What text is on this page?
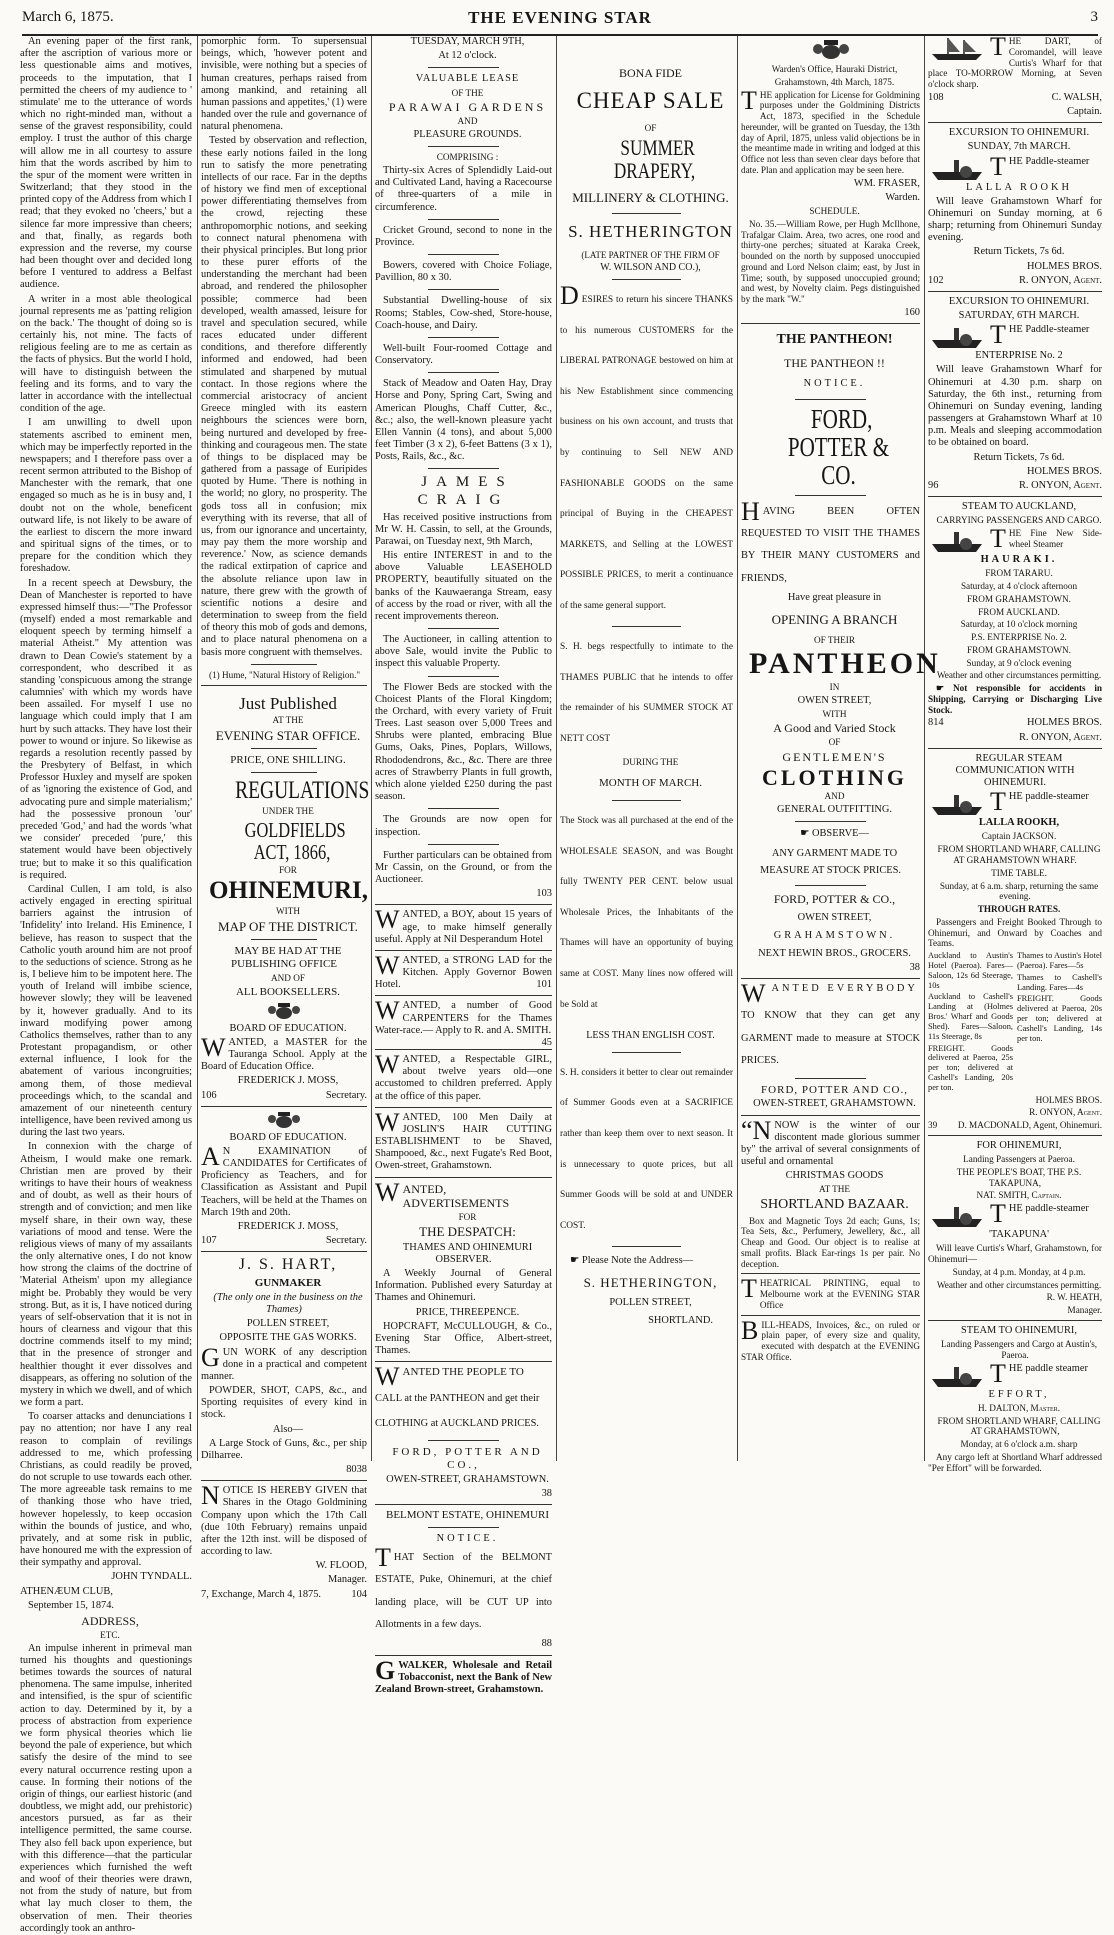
March 6, 1875.	THE EVENING STAR	3

An evening paper of the first rank, after the ascription of various more or less questionable aims and motives, proceeds to the imputation, that I permitted the cheers of my audience to ' stimulate' me to the utterance of words which no right-minded man, without a sense of the gravest responsibility, could employ. I trust the author of this charge will allow me in all courtesy to assure him that the words ascribed by him to the spur of the moment were written in Switzerland; that they stood in the printed copy of the Address from which I read; that they evoked no 'cheers,' but a silence far more impressive than cheers; and that, finally, as regards both expression and the reverse, my course had been thought over and decided long before I ventured to address a Belfast audience.

A writer in a most able theological journal represents me as 'patting religion on the back.' The thought of doing so is certainly his, not mine. The facts of religious feeling are to me as certain as the facts of physics. But the world I hold, will have to distinguish between the feeling and its forms, and to vary the latter in accordance with the intellectual condition of the age.

I am unwilling to dwell upon statements ascribed to eminent men, which may be imperfectly reported in the newspapers; and I therefore pass over a recent sermon attributed to the Bishop of Manchester with the remark, that one engaged so much as he is in busy and, I doubt not on the whole, beneficent outward life, is not likely to be aware of the earliest to discern the more inward and spiritual signs of the times, or to prepare for the condition which they foreshadow.

In a recent speech at Dewsbury, the Dean of Manchester is reported to have expressed himself thus:—"The Professor (myself) ended a most remarkable and eloquent speech by terming himself a material Atheist." My attention was drawn to Dean Cowie's statement by a correspondent, who described it as standing 'conspicuous among the strange calumnies' with which my words have been assailed. For myself I use no language which could imply that I am hurt by such attacks. They have lost their power to wound or injure. So likewise as regards a resolution recently passed by the Presbytery of Belfast, in which Professor Huxley and myself are spoken of as 'ignoring the existence of God, and advocating pure and simple materialism;' had the possessive pronoun 'our' preceded 'God,' and had the words 'what we consider' preceded 'pure,' this statement would have been objectively true; but to make it so this qualification is required.

Cardinal Cullen, I am told, is also actively engaged in erecting spiritual barriers against the intrusion of 'Infidelity' into Ireland. His Eminence, I believe, has reason to suspect that the Catholic youth around him are not proof to the seductions of science. Strong as he is, I believe him to be impotent here. The youth of Ireland will imbibe science, however slowly; they will be leavened by it, however gradually. And to its inward modifying power among Catholics themselves, rather than to any Protestant propagandism, or other external influence, I look for the abatement of various incongruities; among them, of those medieval proceedings which, to the scandal and amazement of our nineteenth century intelligence, have been revived among us during the last two years.

In connexion with the charge of Atheism, I would make one remark. Christian men are proved by their writings to have their hours of weakness and of doubt, as well as their hours of strength and of conviction; and men like myself share, in their own way, these variations of mood and tense. Were the religious views of many of my assailants the only alternative ones, I do not know how strong the claims of the doctrine of 'Material Atheism' upon my allegiance might be. Probably they would be very strong. But, as it is, I have noticed during years of self-observation that it is not in hours of clearness and vigour that this doctrine commends itself to my mind; that in the presence of stronger and healthier thought it ever dissolves and disappears, as offering no solution of the mystery in which we dwell, and of which we form a part.

To coarser attacks and denunciations I pay no attention; nor have I any real reason to complain of revilings addressed to me, which professing Christians, as could readily be proved, do not scruple to use towards each other. The more agreeable task remains to me of thanking those who have tried, however hopelessly, to keep occasion within the bounds of justice, and who, privately, and at some risk in public, have honoured me with the expression of their sympathy and approval.

JOHN TYNDALL.

ATHENÆUM CLUB,

September 15, 1874.

ADDRESS,

ETC.

An impulse inherent in primeval man turned his thoughts and questionings betimes towards the sources of natural phenomena. The same impulse, inherited and intensified, is the spur of scientific action to day. Determined by it, by a process of abstraction from experience we form physical theories which lie beyond the pale of experience, but which satisfy the desire of the mind to see every natural occurrence resting upon a cause. In forming their notions of the origin of things, our earliest historic (and doubtless, we might add, our prehistoric) ancestors pursued, as far as their intelligence permitted, the same course. They also fell back upon experience, but with this difference—that the particular experiences which furnished the weft and woof of their theories were drawn, not from the study of nature, but from what lay much closer to them, the observation of men. Their theories accordingly took an anthro-

pomorphic form. To supersensual beings, which, 'however potent and invisible, were nothing but a species of human creatures, perhaps raised from among mankind, and retaining all human passions and appetites,' (1) were handed over the rule and governance of natural phenomena.

Tested by observation and reflection, these early notions failed in the long run to satisfy the more penetrating intellects of our race. Far in the depths of history we find men of exceptional power differentiating themselves from the crowd, rejecting these anthropomorphic notions, and seeking to connect natural phenomena with their physical principles. But long prior to these purer efforts of the understanding the merchant had been abroad, and rendered the philosopher possible; commerce had been developed, wealth amassed, leisure for travel and speculation secured, while races educated under different conditions, and therefore differently informed and endowed, had been stimulated and sharpened by mutual contact. In those regions where the commercial aristocracy of ancient Greece mingled with its eastern neighbours the sciences were born, being nurtured and developed by free-thinking and courageous men. The state of things to be displaced may be gathered from a passage of Euripides quoted by Hume. 'There is nothing in the world; no glory, no prosperity. The gods toss all in confusion; mix everything with its reverse, that all of us, from our ignorance and uncertainty, may pay them the more worship and reverence.' Now, as science demands the radical extirpation of caprice and the absolute reliance upon law in nature, there grew with the growth of scientific notions a desire and determination to sweep from the field of theory this mob of gods and demons, and to place natural phenomena on a basis more congruent with themselves.

(1) Hume, "Natural History of Religion."

Just Published

AT THE

EVENING STAR OFFICE.

PRICE, ONE SHILLING.

REGULATIONS

UNDER THE

GOLDFIELDS ACT, 1866,

FOR

OHINEMURI,

WITH

MAP OF THE DISTRICT.

MAY BE HAD AT THE PUBLISHING OFFICE

AND OF

ALL BOOKSELLERS.

BOARD OF EDUCATION.

WANTED, a MASTER for the Tauranga School. Apply at the Board of Education Office.

FREDERICK J. MOSS,

106	Secretary.

BOARD OF EDUCATION.

A N EXAMINATION of CANDIDATES for Certificates of Proficiency as Teachers, and for Classification as Assistant and Pupil Teachers, will be held at the Thames on March 19th and 20th.

FREDERICK J. MOSS,

107	Secretary.

J. S. HART,

GUNMAKER

(The only one in the business on the Thames)

POLLEN STREET,

OPPOSITE THE GAS WORKS.

GUN WORK of any description done in a practical and competent manner.

POWDER, SHOT, CAPS, &c., and Sporting requisites of every kind in stock.

Also—

A Large Stock of Guns, &c., per ship Dilharree.

8038

NOTICE IS HEREBY GIVEN that Shares in the Otago Goldmining Company upon which the 17th Call (due 10th February) remains unpaid after the 12th inst. will be disposed of according to law.

W. FLOOD,

Manager.

7, Exchange, March 4, 1875.	104

TUESDAY, MARCH 9TH,

At 12 o'clock.

VALUABLE LEASE

OF THE

PARAWAI GARDENS

AND

PLEASURE GROUNDS.

COMPRISING :

Thirty-six Acres of Splendidly Laid-out and Cultivated Land, having a Racecourse of three-quarters of a mile in circumference.

Cricket Ground, second to none in the Province.

Bowers, covered with Choice Foliage, Pavillion, 80 x 30.

Substantial Dwelling-house of six Rooms; Stables, Cow-shed, Store-house, Coach-house, and Dairy.

Well-built Four-roomed Cottage and Conservatory.

Stack of Meadow and Oaten Hay, Dray Horse and Pony, Spring Cart, Swing and American Ploughs, Chaff Cutter, &c., &c.; also, the well-known pleasure yacht Ellen Vannin (4 tons), and about 5,000 feet Timber (3 x 2), 6-feet Battens (3 x 1), Posts, Rails, &c., &c.

JAMES CRAIG

Has received positive instructions from Mr W. H. Cassin, to sell, at the Grounds, Parawai, on Tuesday next, 9th March,

His entire INTEREST in and to the above Valuable LEASEHOLD PROPERTY, beautifully situated on the banks of the Kauwaeranga Stream, easy of access by the road or river, with all the recent improvements thereon.

The Auctioneer, in calling attention to above Sale, would invite the Public to inspect this valuable Property.

The Flower Beds are stocked with the Choicest Plants of the Floral Kingdom; the Orchard, with every variety of Fruit Trees. Last season over 5,000 Trees and Shrubs were planted, embracing Blue Gums, Oaks, Pines, Poplars, Willows, Rhododendrons, &c., &c. There are three acres of Strawberry Plants in full growth, which alone yielded £250 during the past season.

The Grounds are now open for inspection.

Further particulars can be obtained from Mr Cassin, on the Ground, or from the Auctioneer.

103

WANTED, a BOY, about 15 years of age, to make himself generally useful. Apply at Nil Desperandum Hotel

WANTED, a STRONG LAD for the Kitchen. Apply Governor Bowen Hotel.	101

WANTED, a number of Good CARPENTERS for the Thames Water-race.— Apply to R. and A. SMITH.
45

WANTED, a Respectable GIRL, about twelve years old—one accustomed to children preferred. Apply at the office of this paper.

WANTED, 100 Men Daily at JOSLIN'S HAIR CUTTING ESTABLISHMENT to be Shaved, Shampooed, &c., next Fugate's Red Boot, Owen-street, Grahamstown.

WANTED, ADVERTISEMENTS

FOR

THE DESPATCH:

THAMES AND OHINEMURI OBSERVER.

A Weekly Journal of General Information. Published every Saturday at Thames and Ohinemuri.

PRICE, THREEPENCE.

HOPCRAFT, McCULLOUGH, & Co., Evening Star Office, Albert-street, Thames.

WANTED THE PEOPLE TO

CALL at the PANTHEON and get their

CLOTHING at AUCKLAND PRICES.

FORD, POTTER AND CO.,

OWEN-STREET, GRAHAMSTOWN.

38

BELMONT ESTATE, OHINEMURI

NOTICE.

THAT Section of the BELMONT ESTATE, Puke, Ohinemuri, at the chief landing place, will be CUT UP into Allotments in a few days.

88

GWALKER, Wholesale and Retail Tobacconist, next the Bank of New Zealand Brown-street, Grahamstown.

BONA FIDE

CHEAP SALE

OF

SUMMER DRAPERY,

MILLINERY & CLOTHING.

S. HETHERINGTON

(LATE PARTNER OF THE FIRM OF

W. WILSON AND CO.),

DESIRES to return his sincere THANKS to his numerous CUSTOMERS for the LIBERAL PATRONAGE bestowed on him at his New Establishment since commencing business on his own account, and trusts that by continuing to Sell NEW AND FASHIONABLE GOODS on the same principal of Buying in the CHEAPEST MARKETS, and Selling at the LOWEST POSSIBLE PRICES, to merit a continuance of the same general support.

S. H. begs respectfully to intimate to the THAMES PUBLIC that he intends to offer the remainder of his SUMMER STOCK AT NETT COST

DURING THE

MONTH OF MARCH.

The Stock was all purchased at the end of the WHOLESALE SEASON, and was Bought fully TWENTY PER CENT. below usual Wholesale Prices, the Inhabitants of the Thames will have an opportunity of buying same at COST. Many lines now offered will be Sold at

LESS THAN ENGLISH COST.

S. H. considers it better to clear out remainder of Summer Goods even at a SACRIFICE rather than keep them over to next season. It is unnecessary to quote prices, but all Summer Goods will be sold at and UNDER COST.

☛ Please Note the Address—

S. HETHERINGTON,

POLLEN STREET,

SHORTLAND.

Warden's Office, Hauraki District,

Grahamstown, 4th March, 1875.

THE application for License for Goldmining purposes under the Goldmining Districts Act, 1873, specified in the Schedule hereunder, will be granted on Tuesday, the 13th day of April, 1875, unless valid objections be in the meantime made in writing and lodged at this Office not less than seven clear days before that date. Plan and application may be seen here.

WM. FRASER,

Warden.

SCHEDULE.

No. 35.—William Rowe, per Hugh McIlhone, Trafalgar Claim. Area, two acres, one rood and thirty-one perches; situated at Karaka Creek, bounded on the north by supposed unoccupied ground and Lord Nelson claim; east, by Just in Time; south, by supposed unoccupied ground; and west, by Novelty claim. Pegs distinguished by the mark "W."

160

THE PANTHEON!

THE PANTHEON !!

NOTICE.

FORD, POTTER & CO.

HAVING BEEN OFTEN REQUESTED TO VISIT THE THAMES BY THEIR MANY CUSTOMERS and FRIENDS,

Have great pleasure in

OPENING A BRANCH

OF THEIR

PANTHEON

IN

OWEN STREET,

WITH

A Good and Varied Stock

OF

GENTLEMEN'S

CLOTHING

AND

GENERAL OUTFITTING.

☛ OBSERVE—

ANY GARMENT MADE TO MEASURE AT STOCK PRICES.

FORD, POTTER & CO.,

OWEN STREET,

GRAHAMSTOWN.

NEXT HEWIN BROS., GROCERS.

38

WANTED EVERYBODY

TO KNOW that they can get any GARMENT made to measure at STOCK PRICES.

FORD, POTTER AND CO.,

OWEN-STREET, GRAHAMSTOWN.

“NNOW is the winter of our discontent made glorious summer by" the arrival of several consignments of useful and ornamental

CHRISTMAS GOODS

AT THE

SHORTLAND BAZAAR.

Box and Magnetic Toys 2d each; Guns, 1s; Tea Sets, &c., Perfumery, Jewellery, &c., all Cheap and Good. Our object is to realise at small profits. Black Ear-rings 1s per pair. No deception.

THEATRICAL PRINTING, equal to Melbourne work at the EVENING STAR Office

BILL-HEADS, Invoices, &c., on ruled or plain paper, of every size and quality, executed with despatch at the EVENING STAR Office.

THE DART, of Coromandel, will leave Curtis's Wharf for that place TO-MORROW Morning, at Seven o'clock sharp.

108	C. WALSH,

Captain.

EXCURSION TO OHINEMURI.

SUNDAY, 7th MARCH.

THE Paddle-steamer

LALLA ROOKH

Will leave Grahamstown Wharf for Ohinemuri on Sunday morning, at 6 sharp; returning from Ohinemuri Sunday evening.

Return Tickets, 7s 6d.

HOLMES BROS.

102	R. ONYON, Agent.

EXCURSION TO OHINEMURI.

SATURDAY, 6TH MARCH.

THE Paddle-steamer

ENTERPRISE No. 2

Will leave Grahamstown Wharf for Ohinemuri at 4.30 p.m. sharp on Saturday, the 6th inst., returning from Ohinemuri on Sunday evening, landing passengers at Grahamstown Wharf at 10 p.m. Meals and sleeping accommodation to be obtained on board.

Return Tickets, 7s 6d.

HOLMES BROS.

96	R. ONYON, Agent.

STEAM TO AUCKLAND,

CARRYING PASSENGERS AND CARGO.

THE Fine New Side-wheel Steamer

HAURAKI.

FROM TARARU.

Saturday, at 4 o'clock afternoon

FROM GRAHAMSTOWN.

FROM AUCKLAND.

Saturday, at 10 o'clock morning

P.S. ENTERPRISE No. 2.

FROM GRAHAMSTOWN.

Sunday, at 9 o'clock evening

Weather and other circumstances permitting.

☛ Not responsible for accidents in Shipping, Carrying or Discharging Live Stock.

814	HOLMES BROS.

R. ONYON, Agent.

REGULAR STEAM COMMUNICATION WITH OHINEMURI.

THE paddle-steamer

LALLA ROOKH,

Captain JACKSON.

FROM SHORTLAND WHARF, CALLING AT GRAHAMSTOWN WHARF.

TIME TABLE.

Sunday, at 6 a.m. sharp, returning the same evening.

THROUGH RATES.

Passengers and Freight Booked Through to Ohinemuri, and Onward by Coaches and Teams.

Auckland to Austin's Hotel (Paeroa). Fares—Saloon, 12s 6d Steerage, 10s

Auckland to Cashell's Landing at (Holmes Bros.' Wharf and Goods Shed). Fares—Saloon, 11s Steerage, 8s

FREIGHT. Goods delivered at Paeroa, 25s per ton; delivered at Cashell's Landing, 20s per ton.

Thames to Austin's Hotel (Paeroa). Fares—5s

Thames to Cashell's Landing. Fares—4s

FREIGHT. Goods delivered at Paeroa, 20s per ton; delivered at Cashell's Landing, 14s per ton.

HOLMES BROS.

R. ONYON, Agent.

39 D. MACDONALD, Agent, Ohinemuri.

FOR OHINEMURI,

Landing Passengers at Paeroa.

THE PEOPLE'S BOAT, THE P.S. TAKAPUNA,

NAT. SMITH, Captain.

THE paddle-steamer

'TAKAPUNA'

Will leave Curtis's Wharf, Grahamstown, for Ohinemuri—

Sunday, at 4 p.m. Monday, at 4 p.m.

Weather and other circumstances permitting.

R. W. HEATH,

Manager.

STEAM TO OHINEMURI,

Landing Passengers and Cargo at Austin's, Paeroa.

THE paddle steamer

EFFORT,

H. DALTON, Master.

FROM SHORTLAND WHARF, CALLING AT GRAHAMSTOWN,

Monday, at 6 o'clock a.m. sharp

Any cargo left at Shortland Wharf addressed "Per Effort" will be forwarded.
